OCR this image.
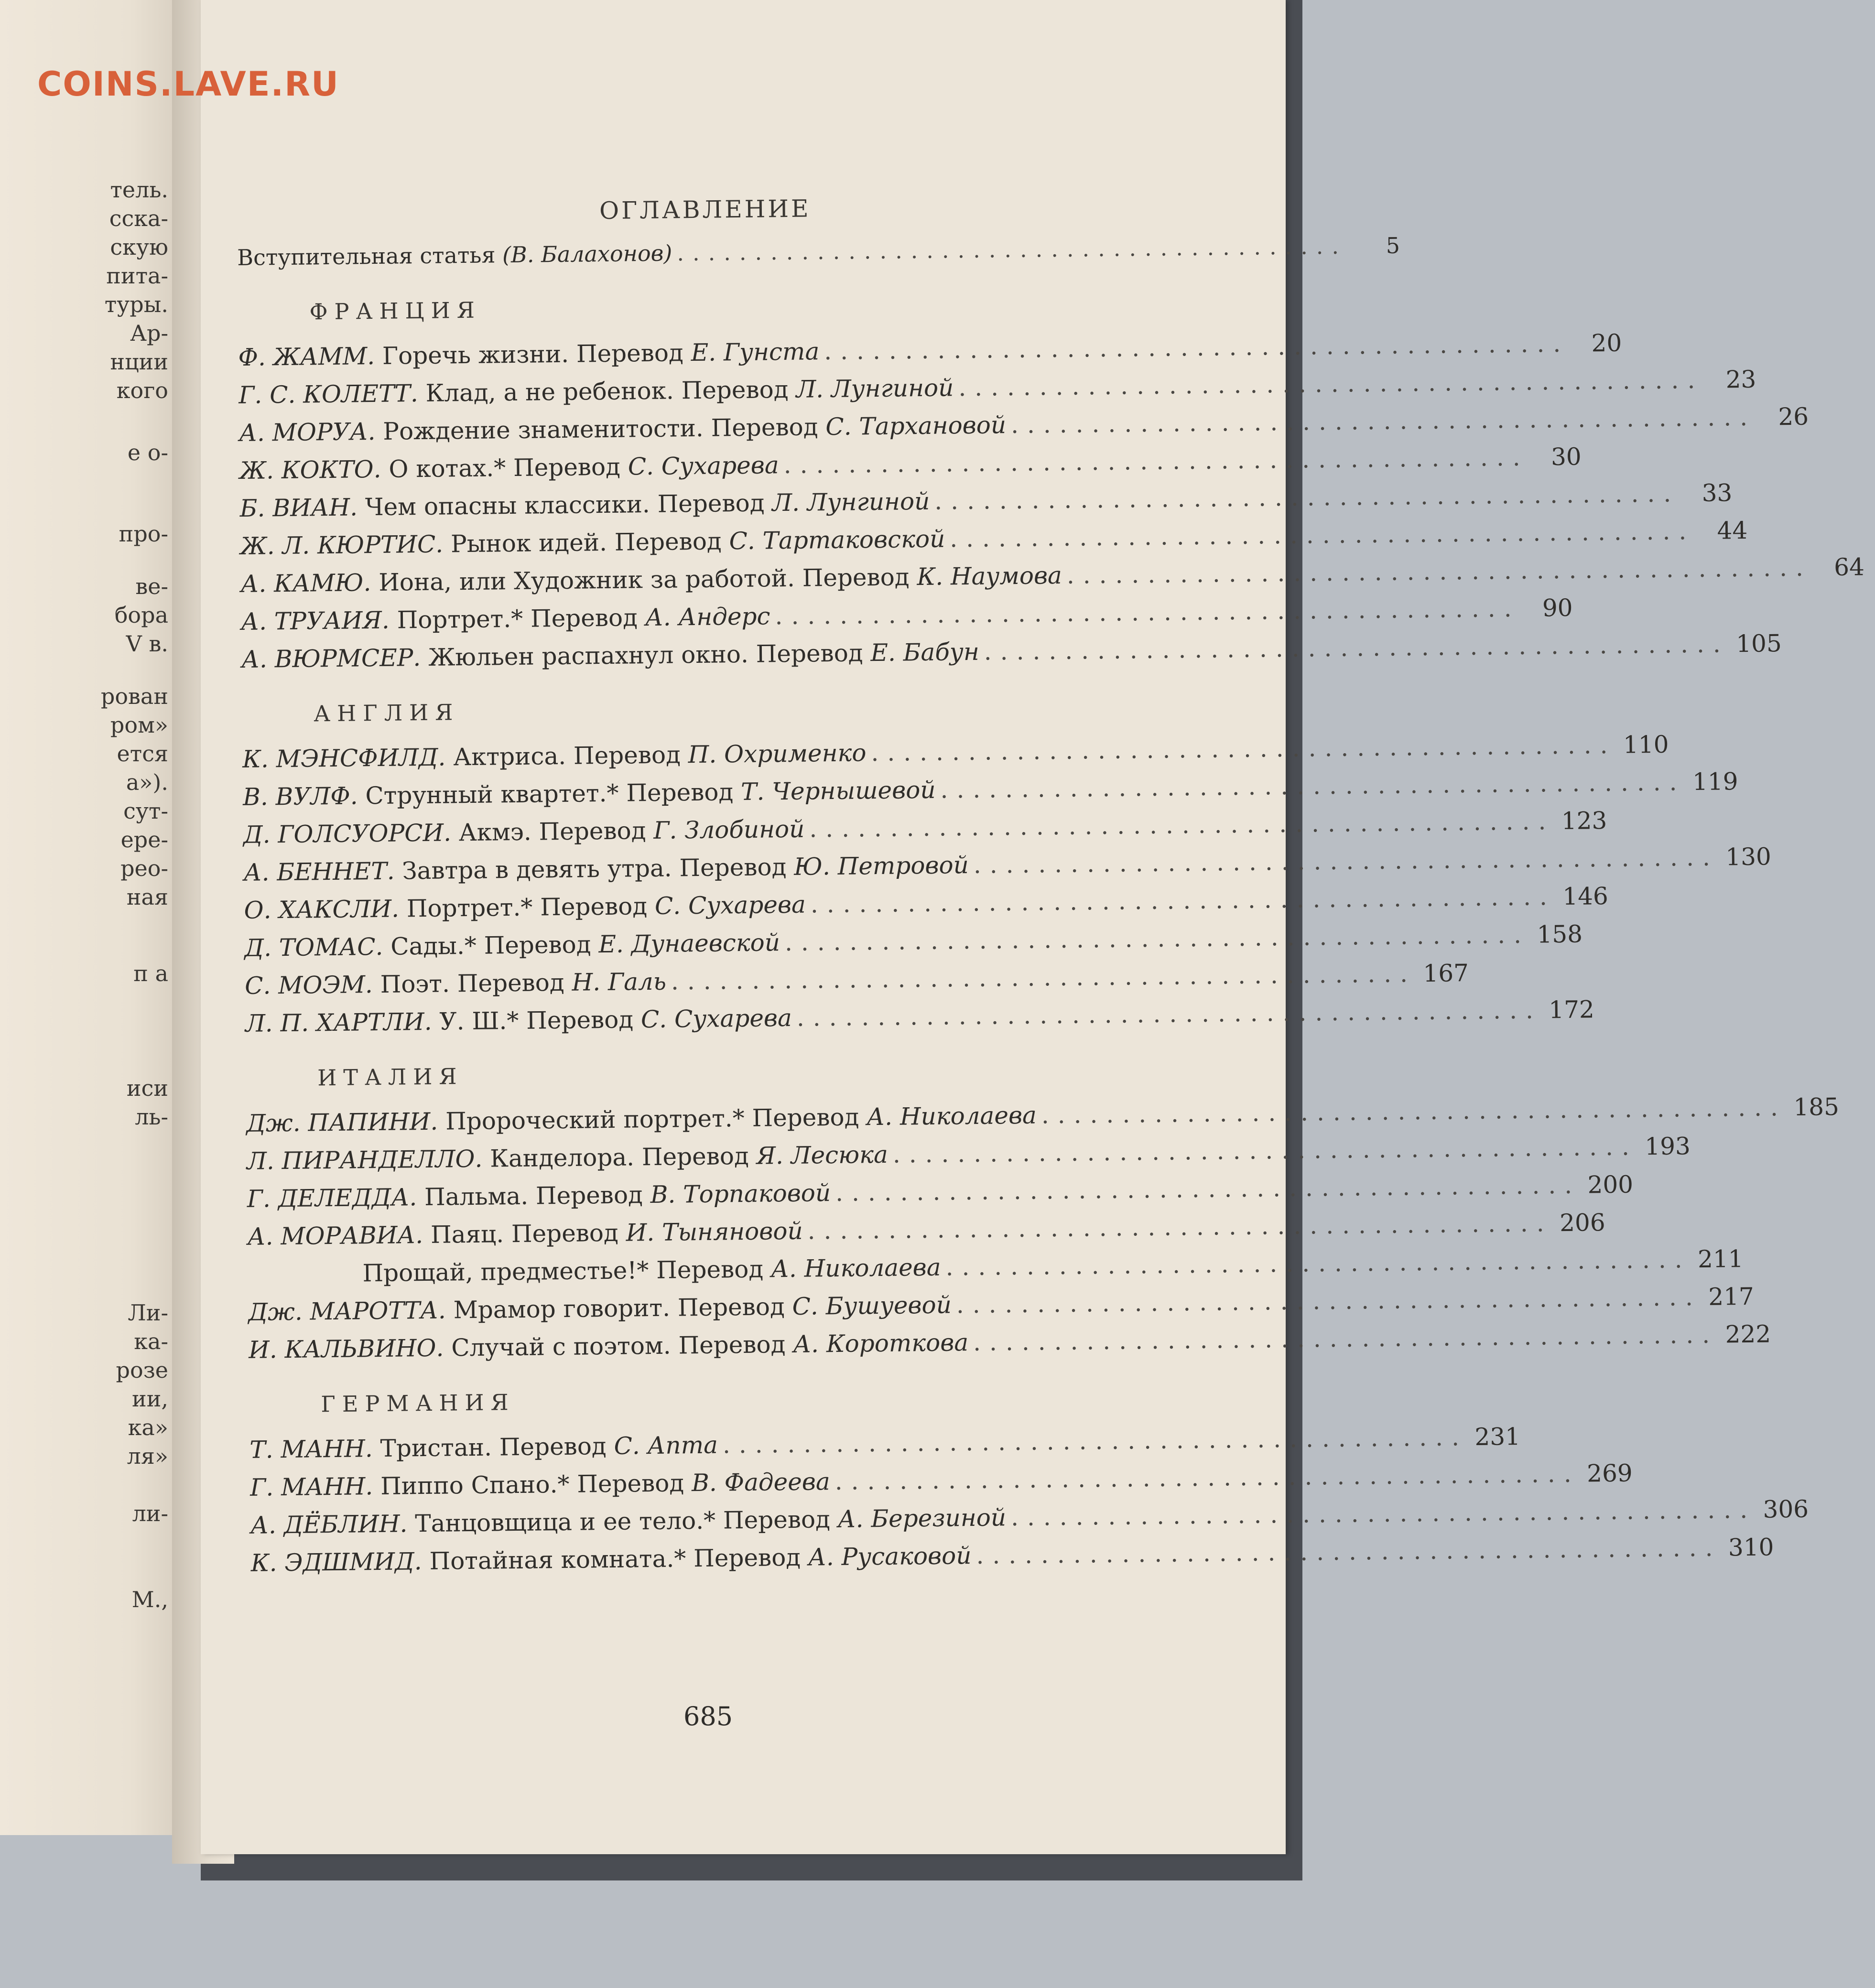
тель.
сска-
скую
пита-
туры.
Ар-
нции
кого
е о-
про-
ве-
бора
V в.
рован
ром»
ется
а»).
сут-
ере-
рео-
ная
п а
иси
ль-
Ли-
ка-
розе
ии,
ка»
ля»
ли-
М.,
ОГЛАВЛЕНИЕ
Вступительная статья (В. Балахонов) ...........................................	5
ФРАНЦИЯ
Ф. ЖАММ. Горечь жизни. Перевод Е. Гунста .............................................. 20
Г. С. КОЛЕТТ. Клад, а не ребенок. Перевод Л. Лунгиной .............................................. 23
А. МОРУА. Рождение знаменитости. Перевод С. Тархановой .............................................. 26
Ж. КОКТО. О котах.* Перевод С. Сухарева .............................................. 30
Б. ВИАН. Чем опасны классики. Перевод Л. Лунгиной .............................................. 33
Ж. Л. КЮРТИС. Рынок идей. Перевод С. Тартаковской .............................................. 44
А. КАМЮ. Иона, или Художник за работой. Перевод К. Наумова .............................................. 64
А. ТРУАИЯ. Портрет.* Перевод А. Андерс .............................................. 90
А. ВЮРМСЕР. Жюльен распахнул окно. Перевод Е. Бабун .............................................. 105
АНГЛИЯ
К. МЭНСФИЛД. Актриса. Перевод П. Охрименко .............................................. 110
В. ВУЛФ. Струнный квартет.* Перевод Т. Чернышевой .............................................. 119
Д. ГОЛСУОРСИ. Акмэ. Перевод Г. Злобиной .............................................. 123
А. БЕННЕТ. Завтра в девять утра. Перевод Ю. Петровой .............................................. 130
О. ХАКСЛИ. Портрет.* Перевод С. Сухарева .............................................. 146
Д. ТОМАС. Сады.* Перевод Е. Дунаевской .............................................. 158
С. МОЭМ. Поэт. Перевод Н. Галь .............................................. 167
Л. П. ХАРТЛИ. У. Ш.* Перевод С. Сухарева .............................................. 172
ИТАЛИЯ
Дж. ПАПИНИ. Пророческий портрет.* Перевод А. Николаева .............................................. 185
Л. ПИРАНДЕЛЛО. Канделора. Перевод Я. Лесюка .............................................. 193
Г. ДЕЛЕДДА. Пальма. Перевод В. Торпаковой .............................................. 200
А. МОРАВИА. Паяц. Перевод И. Тыняновой .............................................. 206
Прощай, предместье!* Перевод А. Николаева .............................................. 211
Дж. МАРОТТА. Мрамор говорит. Перевод С. Бушуевой .............................................. 217
И. КАЛЬВИНО. Случай с поэтом. Перевод А. Короткова .............................................. 222
ГЕРМАНИЯ
Т. МАНН. Тристан. Перевод С. Апта .............................................. 231
Г. МАНН. Пиппо Спано.* Перевод В. Фадеева .............................................. 269
А. ДЁБЛИН. Танцовщица и ее тело.* Перевод А. Березиной .............................................. 306
К. ЭДШМИД. Потайная комната.* Перевод А. Русаковой .............................................. 310
685
COINS.LAVE.RU
